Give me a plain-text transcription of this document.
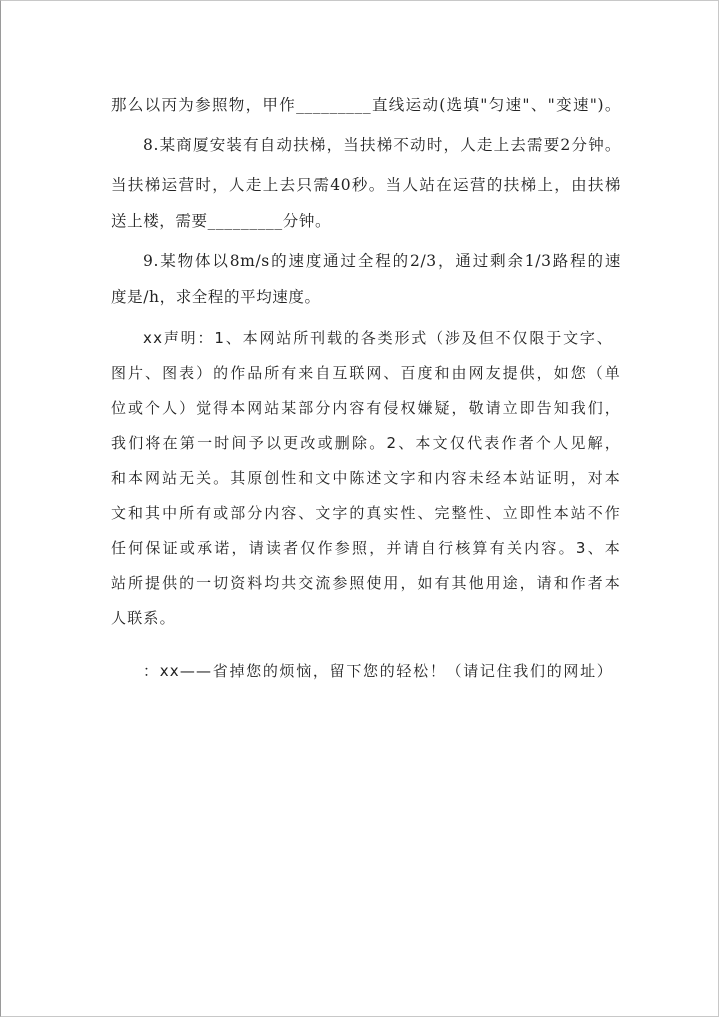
那么以丙为参照物，甲作_________直线运动(选填"匀速"、"变速")。
8.某商厦安装有自动扶梯，当扶梯不动时，人走上去需要2分钟。
当扶梯运营时，人走上去只需40秒。当人站在运营的扶梯上，由扶梯
送上楼，需要_________分钟。
9.某物体以8m/s的速度通过全程的2/3，通过剩余1/3路程的速
度是/h，求全程的平均速度。
xx声明：1、本网站所刊载的各类形式（涉及但不仅限于文字、
图片、图表）的作品所有来自互联网、百度和由网友提供，如您（单
位或个人）觉得本网站某部分内容有侵权嫌疑，敬请立即告知我们，
我们将在第一时间予以更改或删除。2、本文仅代表作者个人见解，
和本网站无关。其原创性和文中陈述文字和内容未经本站证明，对本
文和其中所有或部分内容、文字的真实性、完整性、立即性本站不作
任何保证或承诺，请读者仅作参照，并请自行核算有关内容。3、本
站所提供的一切资料均共交流参照使用，如有其他用途，请和作者本
人联系。
：xx——省掉您的烦恼，留下您的轻松！（请记住我们的网址）
